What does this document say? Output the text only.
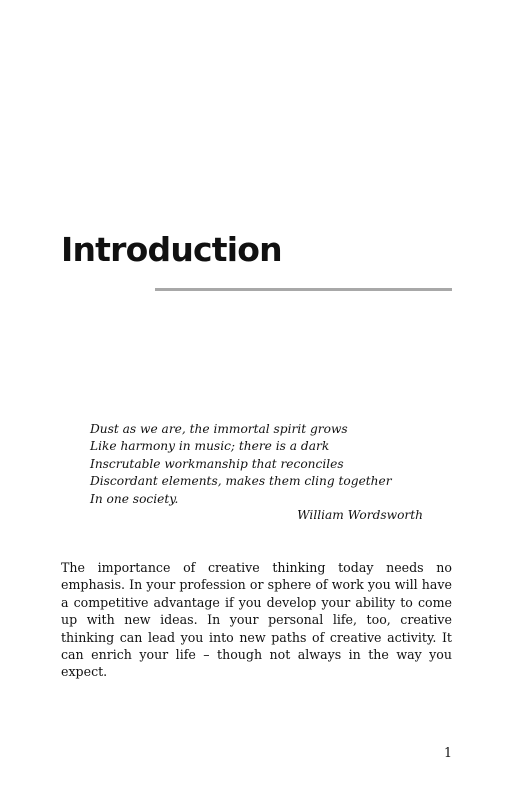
Introduction
Dust as we are, the immortal spirit grows
Like harmony in music; there is a dark
Inscrutable workmanship that reconciles
Discordant elements, makes them cling together
In one society.
William Wordsworth

The importance of creative thinking today needs no emphasis. In your profession or sphere of work you will have a competitive advantage if you develop your ability to come up with new ideas. In your personal life, too, creative thinking can lead you into new paths of creative activity. It can enrich your life – though not always in the way you expect.

1
